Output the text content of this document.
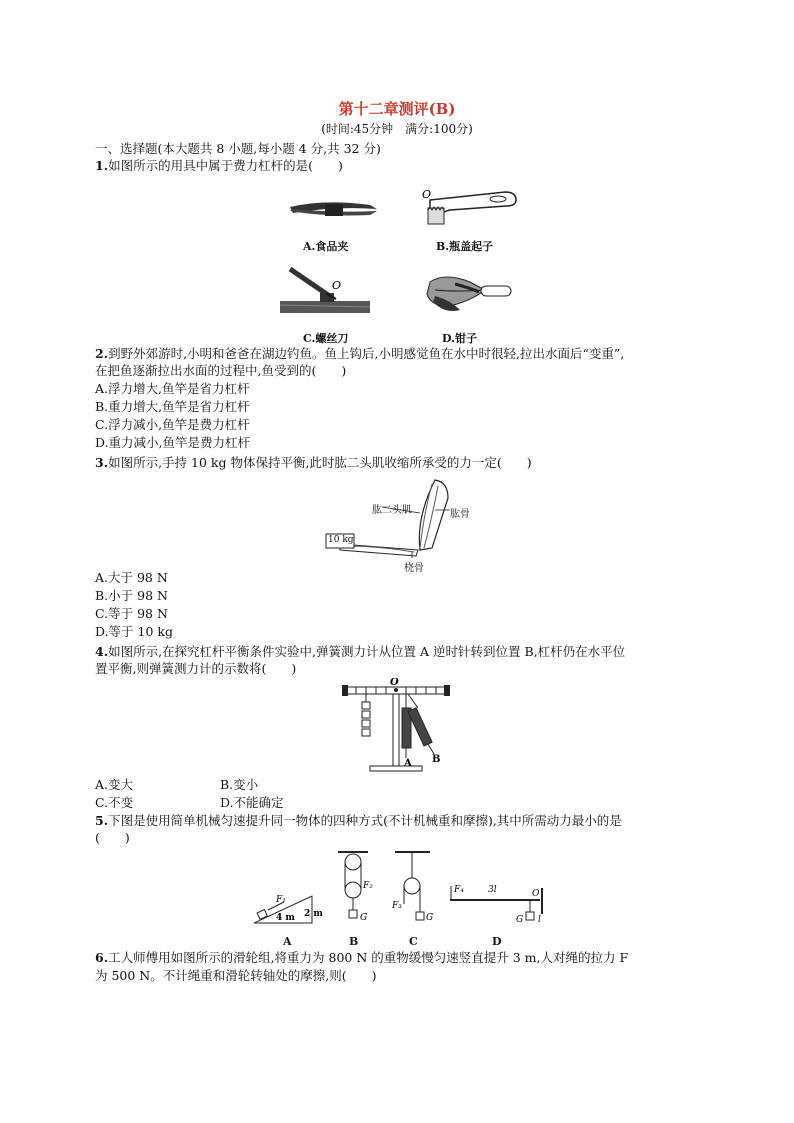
第十二章测评(B)
(时间:45分钟　满分:100分)
一、选择题(本大题共 8 小题,每小题 4 分,共 32 分)
1.如图所示的用具中属于费力杠杆的是(　　)
A.食品夹
O
B.瓶盖起子
O
C.螺丝刀	D.钳子
2.到野外郊游时,小明和爸爸在湖边钓鱼。鱼上钩后,小明感觉鱼在水中时很轻,拉出水面后“变重”,
在把鱼逐渐拉出水面的过程中,鱼受到的(　　)
A.浮力增大,鱼竿是省力杠杆
B.重力增大,鱼竿是省力杠杆
C.浮力减小,鱼竿是费力杠杆
D.重力减小,鱼竿是费力杠杆
3.如图所示,手持 10 kg 物体保持平衡,此时肱二头肌收缩所承受的力一定(　　)
肱二头肌	肱骨
10 kg
桡骨
A.大于 98 N
B.小于 98 N
C.等于 98 N
D.等于 10 kg
4.如图所示,在探究杠杆平衡条件实验中,弹簧测力计从位置 A 逆时针转到位置 B,杠杆仍在水平位
置平衡,则弹簧测力计的示数将(　　)
O
A B
A.变大	B.变小
C.不变	D.不能确定
5.下图是使用简单机械匀速提升同一物体的四种方式(不计机械重和摩擦),其中所需动力最小的是
(　　)
F₁
4 m 2 m	G
F₂
G
F₃
F₄	3l
G l
O
A	B	C	D
6.工人师傅用如图所示的滑轮组,将重力为 800 N 的重物缓慢匀速竖直提升 3 m,人对绳的拉力 F
为 500 N。不计绳重和滑轮转轴处的摩擦,则(　　)
